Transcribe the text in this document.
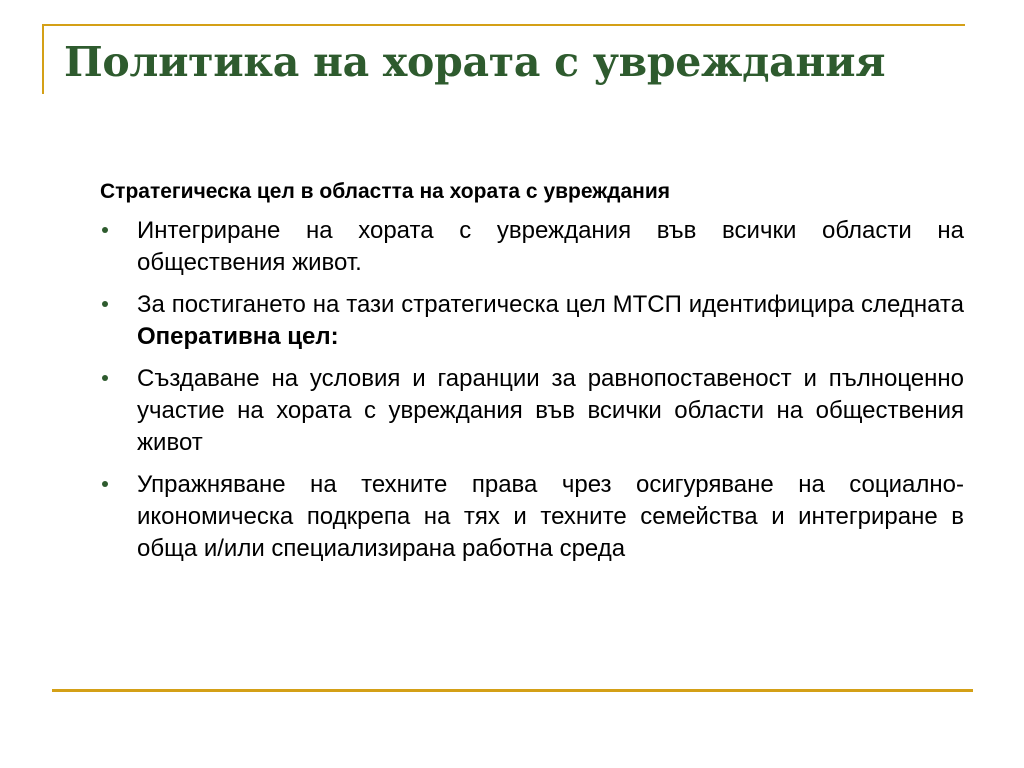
Политика на хората с увреждания
Стратегическа цел в областта на хората с увреждания
Интегриране на хората с увреждания във всички области на обществения живот.
За постигането на тази стратегическа цел МТСП идентифицира следната Оперативна цел:
Създаване на условия и гаранции за равнопоставеност и пълноценно участие на хората с увреждания във всички области на обществения живот
Упражняване на техните права чрез осигуряване на социално-икономическа подкрепа на тях и техните семейства и интегриране в обща и/или специализирана работна среда
